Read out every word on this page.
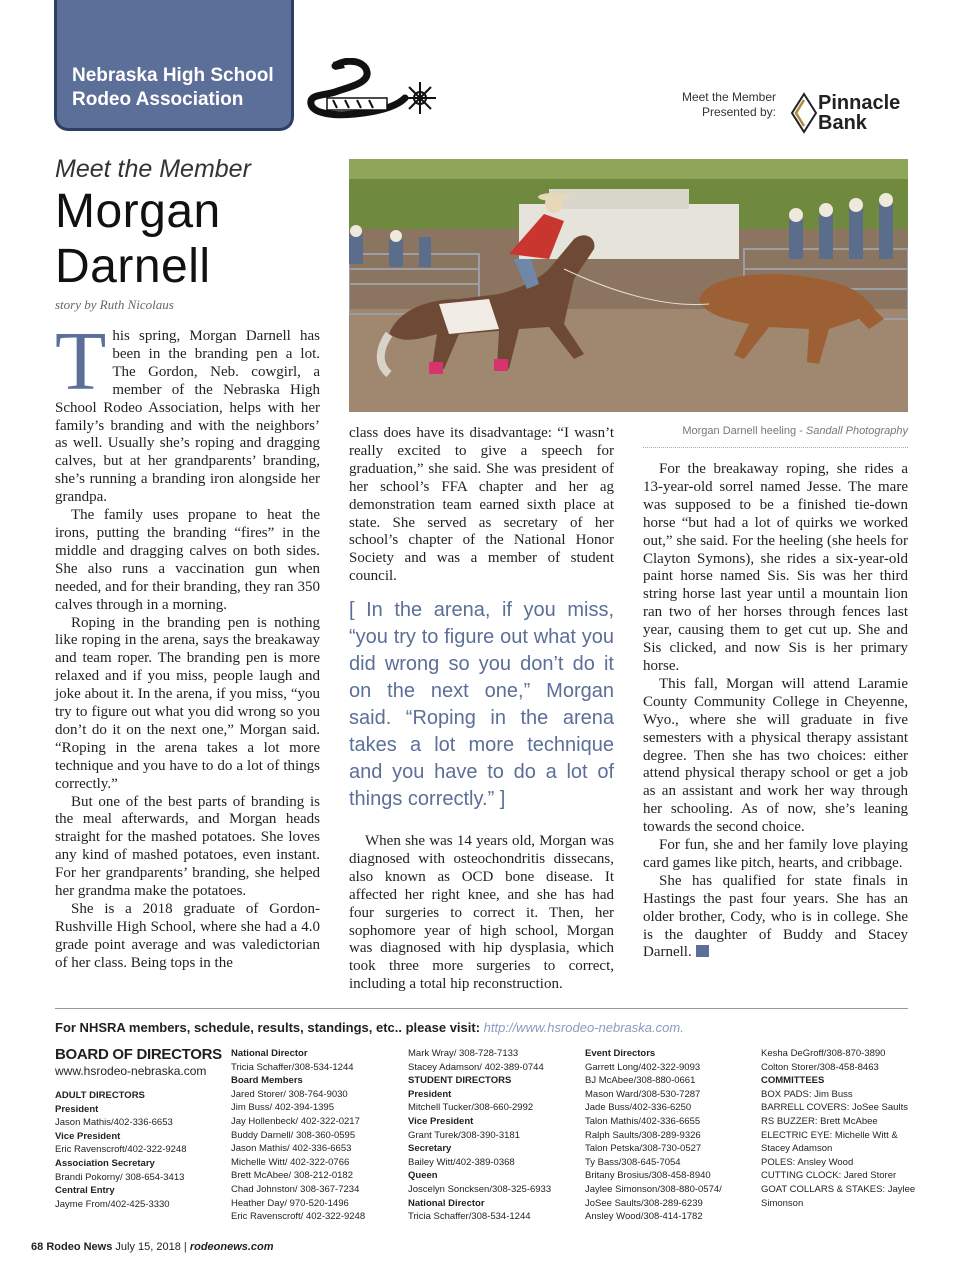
Nebraska High School
Rodeo Association	Meet the Member
Presented by: Pinnacle
Bank
Meet the Member
Morgan
Darnell
story by Ruth Nicolaus

This spring, Morgan Darnell has been in the branding pen a lot. The Gordon, Neb. cowgirl, a member of the Nebraska High School Rodeo Association, helps with her family’s branding and with the neighbors’ as well. Usually she’s roping and dragging calves, but at her grandparents’ branding, she’s running a branding iron alongside her grandpa.

The family uses propane to heat the irons, putting the branding “fires” in the middle and dragging calves on both sides. She also runs a vaccination gun when needed, and for their branding, they ran 350 calves through in a morning.

Roping in the branding pen is nothing like roping in the arena, says the breakaway and team roper. The branding pen is more relaxed and if you miss, people laugh and joke about it. In the arena, if you miss, “you try to figure out what you did wrong so you don’t do it on the next one,” Morgan said. “Roping in the arena takes a lot more technique and you have to do a lot of things correctly.”

But one of the best parts of branding is the meal afterwards, and Morgan heads straight for the mashed potatoes. She loves any kind of mashed potatoes, even instant. For her grandparents’ branding, she helped her grandma make the potatoes.

She is a 2018 graduate of Gordon-Rushville High School, where she had a 4.0 grade point average and was valedictorian of her class. Being tops in the

Morgan Darnell heeling - Sandall Photography

class does have its disadvantage: “I wasn’t really excited to give a speech for graduation,” she said. She was president of her school’s FFA chapter and her ag demonstration team earned sixth place at state. She served as secretary of her school’s chapter of the National Honor Society and was a member of student council.

[ In the arena, if you miss, “you try to figure out what you did wrong so you don’t do it on the next one,” Morgan said. “Roping in the arena takes a lot more technique and you have to do a lot of things correctly.” ]

When she was 14 years old, Morgan was diagnosed with osteochondritis dissecans, also known as OCD bone disease. It affected her right knee, and she has had four surgeries to correct it. Then, her sophomore year of high school, Morgan was diagnosed with hip dysplasia, which took three more surgeries to correct, including a total hip reconstruction.

For the breakaway roping, she rides a 13-year-old sorrel named Jesse. The mare was supposed to be a finished tie-down horse “but had a lot of quirks we worked out,” she said. For the heeling (she heels for Clayton Symons), she rides a six-year-old paint horse named Sis. Sis was her third string horse last year until a mountain lion ran two of her horses through fences last year, causing them to get cut up. She and Sis clicked, and now Sis is her primary horse.

This fall, Morgan will attend Laramie County Community College in Cheyenne, Wyo., where she will graduate in five semesters with a physical therapy assistant degree. Then she has two choices: either attend physical therapy school or get a job as an assistant and work her way through her schooling. As of now, she’s leaning towards the second choice.

For fun, she and her family love playing card games like pitch, hearts, and cribbage.

She has qualified for state finals in Hastings the past four years. She has an older brother, Cody, who is in college. She is the daughter of Buddy and Stacey Darnell.

For NHSRA members, schedule, results, standings, etc.. please visit: http://www.hsrodeo-nebraska.com.
BOARD OF DIRECTORS
www.hsrodeo-nebraska.com
ADULT DIRECTORS
President
Jason Mathis/402-336-6653
Vice President
Eric Ravenscroft/402-322-9248
Association Secretary
Brandi Pokorny/ 308-654-3413
Central Entry
Jayme From/402-425-3330
National Director
Tricia Schaffer/308-534-1244
Board Members
Jared Storer/ 308-764-9030
Jim Buss/ 402-394-1395
Jay Hollenbeck/ 402-322-0217
Buddy Darnell/ 308-360-0595
Jason Mathis/ 402-336-6653
Michelle Witt/ 402-322-0766
Brett McAbee/ 308-212-0182
Chad Johnston/ 308-367-7234
Heather Day/ 970-520-1496
Eric Ravenscroft/ 402-322-9248
Mark Wray/ 308-728-7133
Stacey Adamson/ 402-389-0744
STUDENT DIRECTORS
President
Mitchell Tucker/308-660-2992
Vice President
Grant Turek/308-390-3181
Secretary
Bailey Witt/402-389-0368
Queen
Joscelyn Soncksen/308-325-6933
National Director
Tricia Schaffer/308-534-1244
Event Directors
Garrett Long/402-322-9093
BJ McAbee/308-880-0661
Mason Ward/308-530-7287
Jade Buss/402-336-6250
Talon Mathis/402-336-6655
Ralph Saults/308-289-9326
Talon Petska/308-730-0527
Ty Bass/308-645-7054
Britany Brosius/308-458-8940
Jaylee Simonson/308-880-0574/
JoSee Saults/308-289-6239
Ansley Wood/308-414-1782
Kesha DeGroff/308-870-3890
Colton Storer/308-458-8463
COMMITTEES
BOX PADS: Jim Buss
BARRELL COVERS: JoSee Saults
RS BUZZER: Brett McAbee
ELECTRIC EYE: Michelle Witt &
Stacey Adamson
POLES: Ansley Wood
CUTTING CLOCK: Jared Storer
GOAT COLLARS & STAKES: Jaylee
Simonson
68 Rodeo News July 15, 2018 | rodeonews.com
